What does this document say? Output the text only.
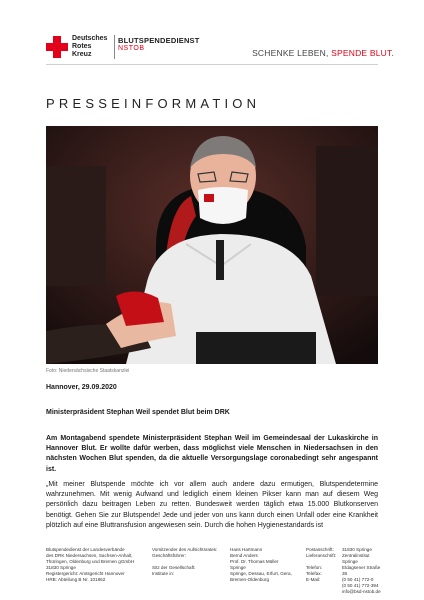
Deutsches
Rotes
Kreuz
BLUTSPENDEDIENST
NSTOB	SCHENKE LEBEN, SPENDE BLUT.
PRESSEINFORMATION
Foto: Niedersächsische Staatskanzlei
Hannover, 29.09.2020
Ministerpräsident Stephan Weil spendet Blut beim DRK
Am Montagabend spendete Ministerpräsident Stephan Weil im Gemeindesaal der Lukaskirche in Hannover Blut. Er wollte dafür werben, dass möglichst viele Menschen in Niedersachsen in den nächsten Wochen Blut spenden, da die aktuelle Versorgungslage coronabedingt sehr angespannt ist.
„Mit meiner Blutspende möchte ich vor allem auch andere dazu ermutigen, Blutspendetermine wahrzunehmen. Mit wenig Aufwand und lediglich einem kleinen Pikser kann man auf diesem Weg persönlich dazu beitragen Leben zu retten. Bundesweit werden täglich etwa 15.000 Blutkonserven benötigt. Gehen Sie zur Blutspende! Jede und jeder von uns kann durch einen Unfall oder eine Krankheit plötzlich auf eine Bluttransfusion angewiesen sein. Durch die hohen Hygienestandards ist
Blutspendedienst der Landesverbände
des DRK Niedersachsen, Sachsen-Anhalt,
Thüringen, Oldenburg und Bremen gGmbH
31830 Springe
Registergericht: Amtsgericht Hannover
HRB: Abteilung B Nr. 101862
Vorsitzender des Aufsichtsrates:
Geschäftsführer:

Sitz der Gesellschaft:
Institute in:
Hans Hartmann
Bernd Anders
Prof. Dr. Thomas Müller
Springe
Springe, Dessau, Erfurt, Gera,
Bremen-Oldenburg
Postanschrift:
Lieferanschrift:

Telefon:
Telefax:
E-Mail:
31830 Springe
Zentralinstitut Springe
Eldagsener Straße 38
(0 50 41) 772-0
(0 50 41) 772-394
info@bsd-nstob.de
